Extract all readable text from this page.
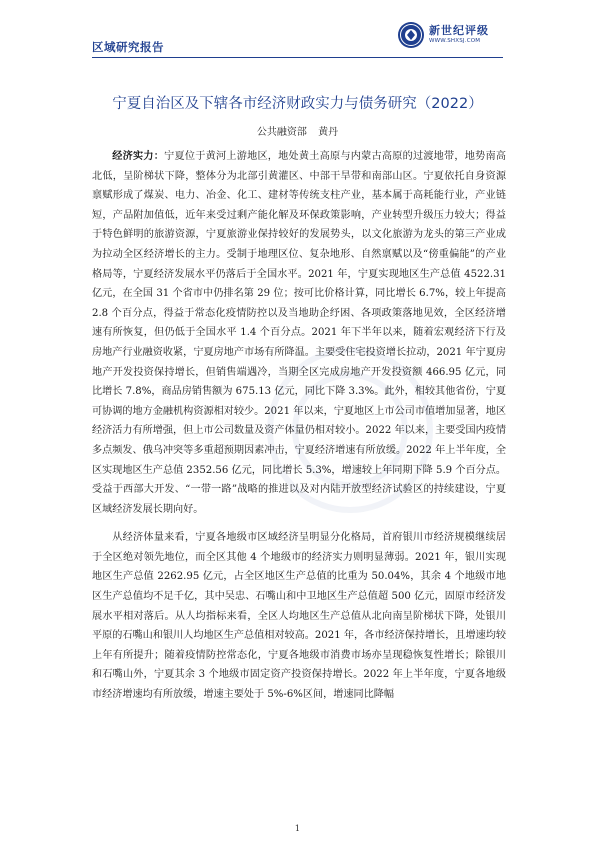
区域研究报告
新世纪评级
WWW.SHXSJ.COM
宁夏自治区及下辖各市经济财政实力与债务研究（2022）
公共融资部 黄丹

经济实力：宁夏位于黄河上游地区，地处黄土高原与内蒙古高原的过渡地带，地势南高北低，呈阶梯状下降，整体分为北部引黄灌区、中部干旱带和南部山区。宁夏依托自身资源禀赋形成了煤炭、电力、冶金、化工、建材等传统支柱产业，基本属于高耗能行业，产业链短，产品附加值低，近年来受过剩产能化解及环保政策影响，产业转型升级压力较大；得益于特色鲜明的旅游资源，宁夏旅游业保持较好的发展势头，以文化旅游为龙头的第三产业成为拉动全区经济增长的主力。受制于地理区位、复杂地形、自然禀赋以及“傍重偏能”的产业格局等，宁夏经济发展水平仍落后于全国水平。2021 年，宁夏实现地区生产总值 4522.31 亿元，在全国 31 个省市中仍排名第 29 位；按可比价格计算，同比增长 6.7%，较上年提高 2.8 个百分点，得益于常态化疫情防控以及当地助企纾困、各项政策落地见效，全区经济增速有所恢复，但仍低于全国水平 1.4 个百分点。2021 年下半年以来，随着宏观经济下行及房地产行业融资收紧，宁夏房地产市场有所降温。主要受住宅投资增长拉动，2021 年宁夏房地产开发投资保持增长，但销售端遇冷，当期全区完成房地产开发投资额 466.95 亿元，同比增长 7.8%，商品房销售额为 675.13 亿元，同比下降 3.3%。此外，相较其他省份，宁夏可协调的地方金融机构资源相对较少。2021 年以来，宁夏地区上市公司市值增加显著，地区经济活力有所增强，但上市公司数量及资产体量仍相对较小。2022 年以来，主要受国内疫情多点频发、俄乌冲突等多重超预期因素冲击，宁夏经济增速有所放缓。2022 年上半年度，全区实现地区生产总值 2352.56 亿元，同比增长 5.3%，增速较上年同期下降 5.9 个百分点。受益于西部大开发、“一带一路”战略的推进以及对内陆开放型经济试验区的持续建设，宁夏区域经济发展长期向好。

从经济体量来看，宁夏各地级市区域经济呈明显分化格局，首府银川市经济规模继续居于全区绝对领先地位，而全区其他 4 个地级市的经济实力则明显薄弱。2021 年，银川实现地区生产总值 2262.95 亿元，占全区地区生产总值的比重为 50.04%，其余 4 个地级市地区生产总值均不足千亿，其中吴忠、石嘴山和中卫地区生产总值超 500 亿元，固原市经济发展水平相对落后。从人均指标来看，全区人均地区生产总值从北向南呈阶梯状下降，处银川平原的石嘴山和银川人均地区生产总值相对较高。2021 年，各市经济保持增长，且增速均较上年有所提升；随着疫情防控常态化，宁夏各地级市消费市场亦呈现稳恢复性增长；除银川和石嘴山外，宁夏其余 3 个地级市固定资产投资保持增长。2022 年上半年度，宁夏各地级市经济增速均有所放缓，增速主要处于 5%-6%区间，增速同比降幅

1
